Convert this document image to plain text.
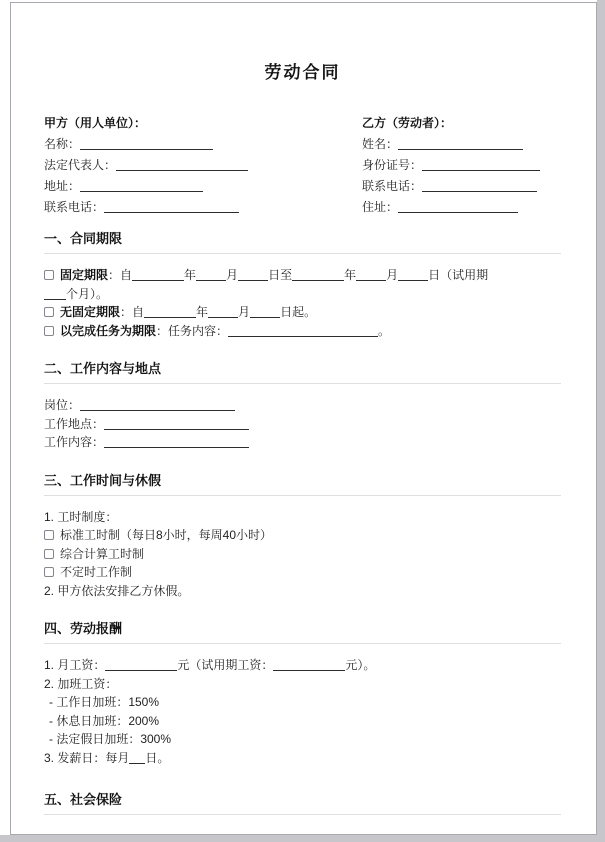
劳动合同

甲方（用人单位）：

名称：

法定代表人：

地址：

联系电话：

乙方（劳动者）：

姓名：

身份证号：

联系电话：

住址：

一、合同期限

固定期限：自	年	月	日至	年	月	日（试用期
个月）。

无固定期限：自	年	月	日起。

以完成任务为期限：任务内容：	。

二、工作内容与地点

岗位：

工作地点：

工作内容：

三、工作时间与休假

1. 工时制度：

标准工时制（每日8小时，每周40小时）

综合计算工时制

不定时工作制

2. 甲方依法安排乙方休假。

四、劳动报酬

1. 月工资：	元（试用期工资：	元）。

2. 加班工资：

- 工作日加班：150%

- 休息日加班：200%

- 法定假日加班：300%

3. 发薪日：每月 日。

五、社会保险
